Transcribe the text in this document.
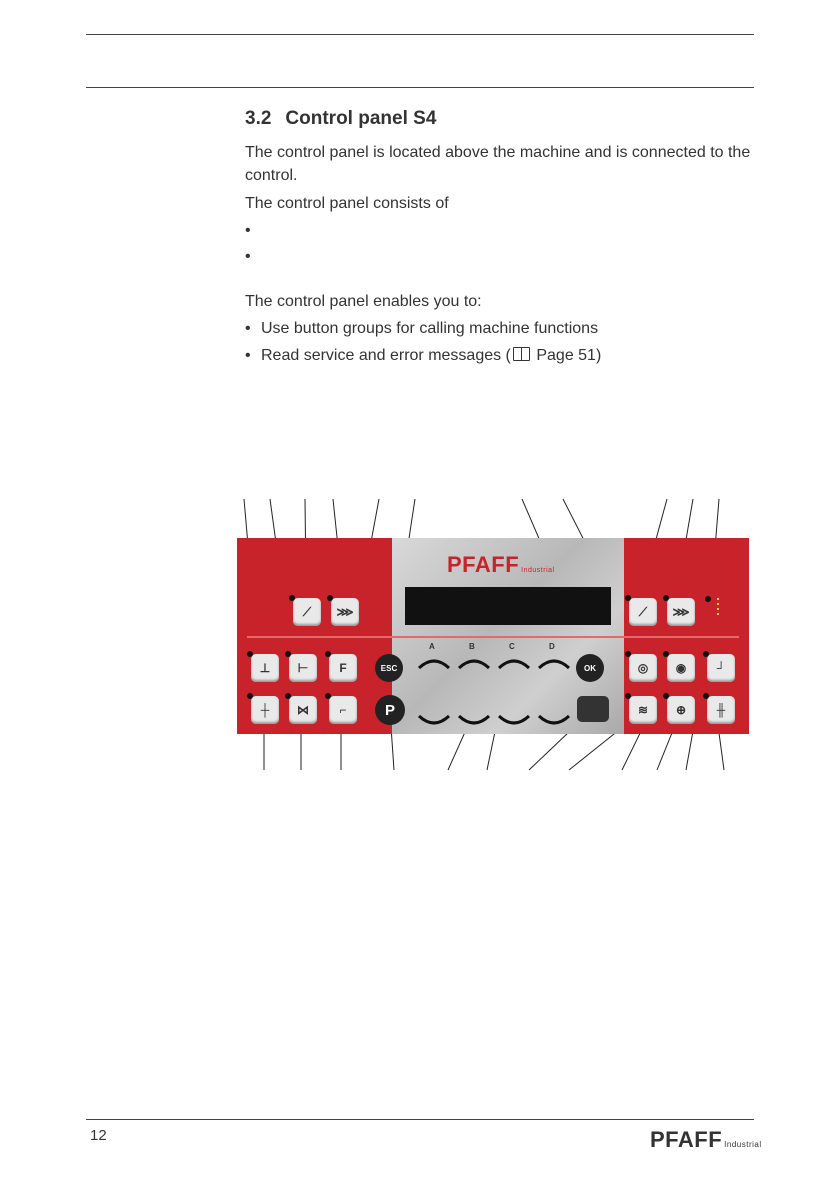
3.2 Control panel S4
The control panel is located above the machine and is connected to the control.
The control panel consists of
•
•
The control panel enables you to:
• Use button groups for calling machine functions
• Read service and error messages ( Page 51)
PFAFF Industrial
⟋ ⋙
⊥ ⊢	F
┼ ⋈	⌐
ESC
P
OK
A	B	C	D
⟋ ⋙
◎ ◉	┘
≋ ⊕	╫
12	PFAFF Industrial
